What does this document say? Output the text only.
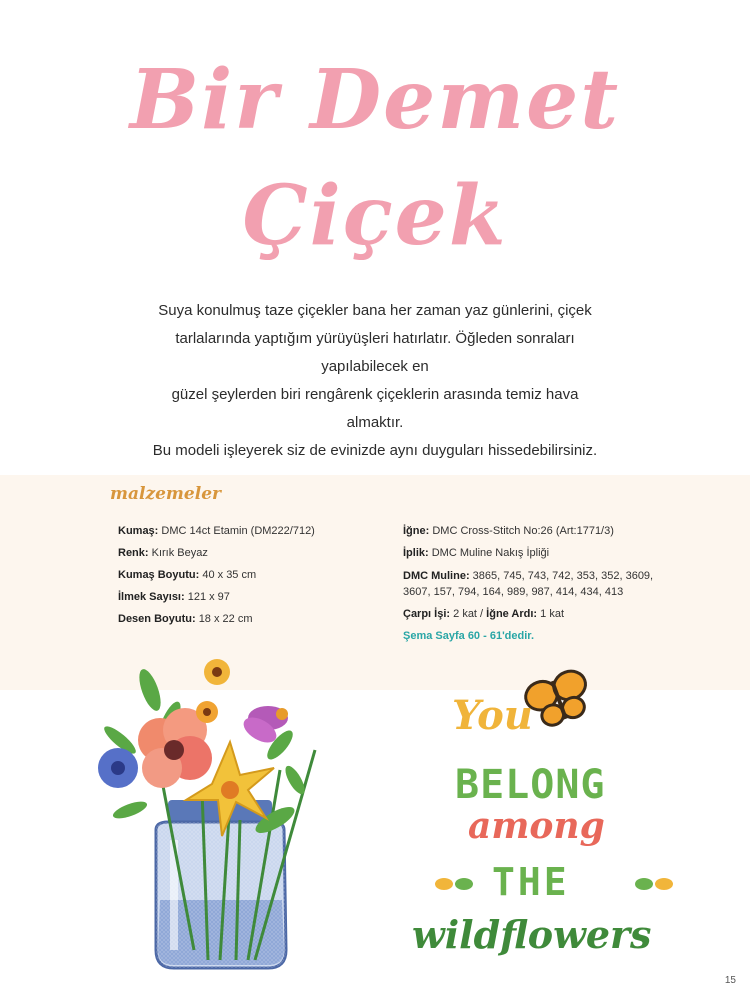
Bir Demet
Çiçek
Suya konulmuş taze çiçekler bana her zaman yaz günlerini, çiçek
tarlalarında yaptığım yürüyüşleri hatırlatır. Öğleden sonraları yapılabilecek en
güzel şeylerden biri rengârenk çiçeklerin arasında temiz hava almaktır.
Bu modeli işleyerek siz de evinizde aynı duyguları hissedebilirsiniz.
malzemeler
Kumaş: DMC 14ct Etamin (DM222/712)
Renk: Kırık Beyaz
Kumaş Boyutu: 40 x 35 cm
İlmek Sayısı: 121 x 97
Desen Boyutu: 18 x 22 cm
İğne: DMC Cross-Stitch No:26 (Art:1771/3)
İplik: DMC Muline Nakış İpliği
DMC Muline: 3865, 745, 743, 742, 353, 352, 3609,
3607, 157, 794, 164, 989, 987, 414, 434, 413
Çarpı İşi: 2 kat / İğne Ardı: 1 kat
Şema Sayfa 60 - 61'dedir.
You
BELONG
among
THE
wildflowers
15
